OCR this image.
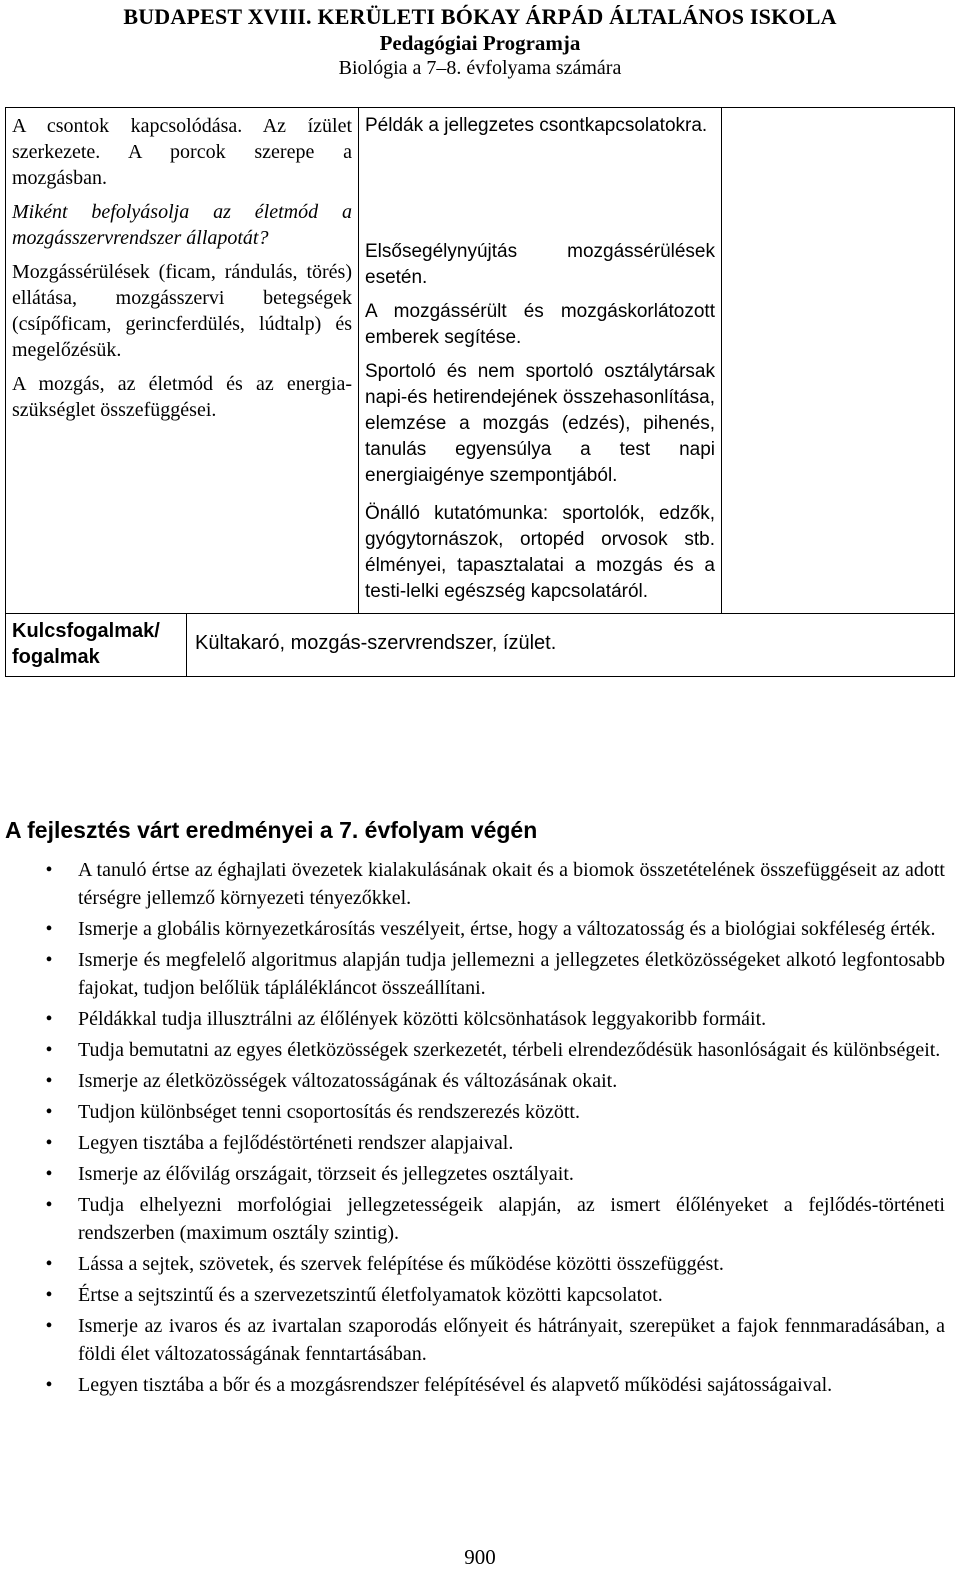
BUDAPEST XVIII. KERÜLETI BÓKAY ÁRPÁD ÁLTALÁNOS ISKOLA
Pedagógiai Programja
Biológia a 7–8. évfolyama számára
A csontok kapcsolódása. Az ízület szerkezete. A porcok szerepe a mozgásban.
Miként befolyásolja az életmód a mozgásszervrendszer állapotát?
Mozgássérülések (ficam, rándulás, törés) ellátása, mozgásszervi betegségek (csípőficam, gerincferdülés, lúdtalp) és megelőzésük.
A mozgás, az életmód és az energia-szükséglet összefüggései.

Példák a jellegzetes csontkapcsolatokra.
Elsősegélynyújtás mozgássérülések esetén.
A mozgássérült és mozgáskorlátozott emberek segítése.
Sportoló és nem sportoló osztálytársak napi-és hetirendejének összehasonlítása, elemzése a mozgás (edzés), pihenés, tanulás egyensúlya a test napi energiaigénye szempontjából.
Önálló kutatómunka: sportolók, edzők, gyógytornászok, ortopéd orvosok stb. élményei, tapasztalatai a mozgás és a testi-lelki egészség kapcsolatáról.

Kulcsfogalmak/
fogalmak
	Kültakaró, mozgás-szervrendszer, ízület.
A fejlesztés várt eredményei a 7. évfolyam végén
• A tanuló értse az éghajlati övezetek kialakulásának okait és a biomok összetételének összefüggéseit az adott térségre jellemző környezeti tényezőkkel.
• Ismerje a globális környezetkárosítás veszélyeit, értse, hogy a változatosság és a biológiai sokféleség érték.
• Ismerje és megfelelő algoritmus alapján tudja jellemezni a jellegzetes életközösségeket alkotó legfontosabb fajokat, tudjon belőlük táplálékláncot összeállítani.
• Példákkal tudja illusztrálni az élőlények közötti kölcsönhatások leggyakoribb formáit.
• Tudja bemutatni az egyes életközösségek szerkezetét, térbeli elrendeződésük hasonlóságait és különbségeit.
• Ismerje az életközösségek változatosságának és változásának okait.
• Tudjon különbséget tenni csoportosítás és rendszerezés között.
• Legyen tisztába a fejlődéstörténeti rendszer alapjaival.
• Ismerje az élővilág országait, törzseit és jellegzetes osztályait.
• Tudja elhelyezni morfológiai jellegzetességeik alapján, az ismert élőlényeket a fejlődés-történeti rendszerben (maximum osztály szintig).
• Lássa a sejtek, szövetek, és szervek felépítése és működése közötti összefüggést.
• Értse a sejtszintű és a szervezetszintű életfolyamatok közötti kapcsolatot.
• Ismerje az ivaros és az ivartalan szaporodás előnyeit és hátrányait, szerepüket a fajok fennmaradásában, a földi élet változatosságának fenntartásában.
• Legyen tisztába a bőr és a mozgásrendszer felépítésével és alapvető működési sajátosságaival.
900
